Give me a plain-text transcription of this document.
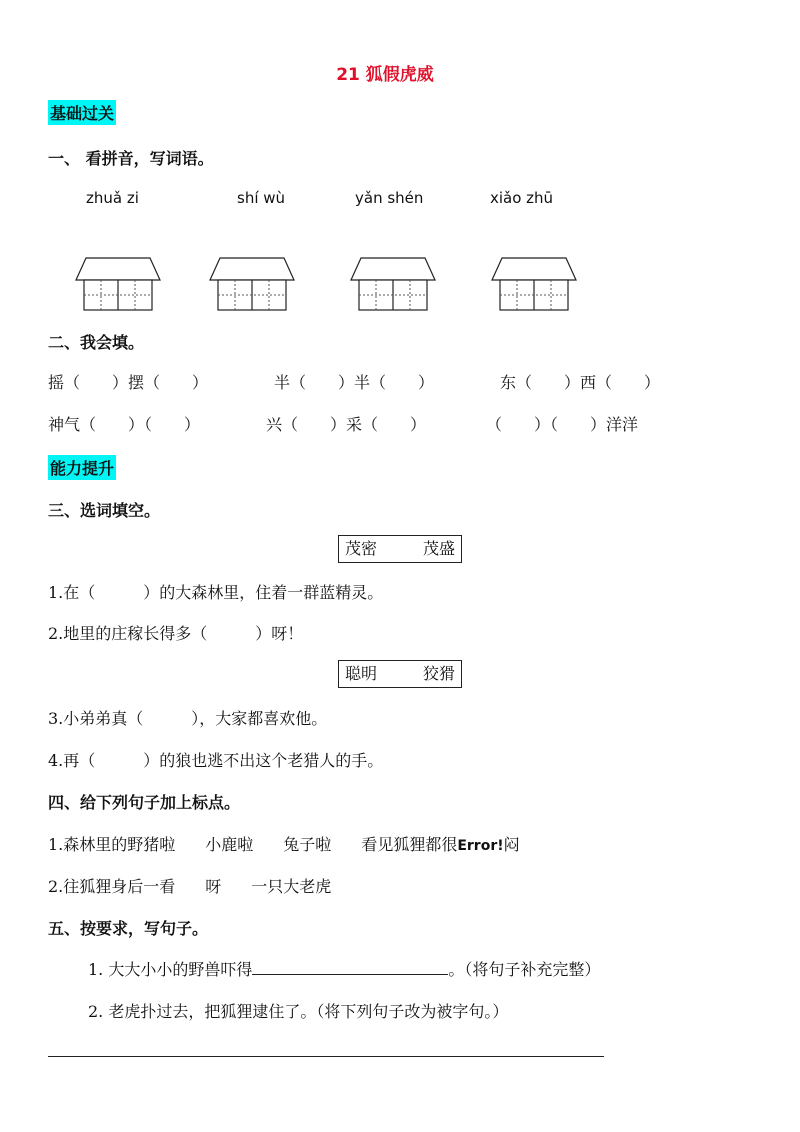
21 狐假虎威
基础过关
一、 看拼音，写词语。
zhuǎ zi	shí wù	yǎn shén	xiǎo zhū
二、我会填。
摇（　　）摆（　　）	半（　　）半（　　）	东（　　）西（　　）
神气（　　）（　　）	兴（　　）采（　　）	（　　）（　　）洋洋
能力提升
三、选词填空。
茂密	茂盛
1.在（　　　）的大森林里，住着一群蓝精灵。
2.地里的庄稼长得多（　　　）呀！
聪明	狡猾
3.小弟弟真（　　　），大家都喜欢他。
4.再（　　　）的狼也逃不出这个老猎人的手。
四、给下列句子加上标点。
1.森林里的野猪啦 小鹿啦 兔子啦 看见狐狸都很Error!闷
2.往狐狸身后一看 呀 一只大老虎
五、按要求，写句子。
1. 大大小小的野兽吓得	。（将句子补充完整）
2. 老虎扑过去，把狐狸逮住了。（将下列句子改为被字句。）
